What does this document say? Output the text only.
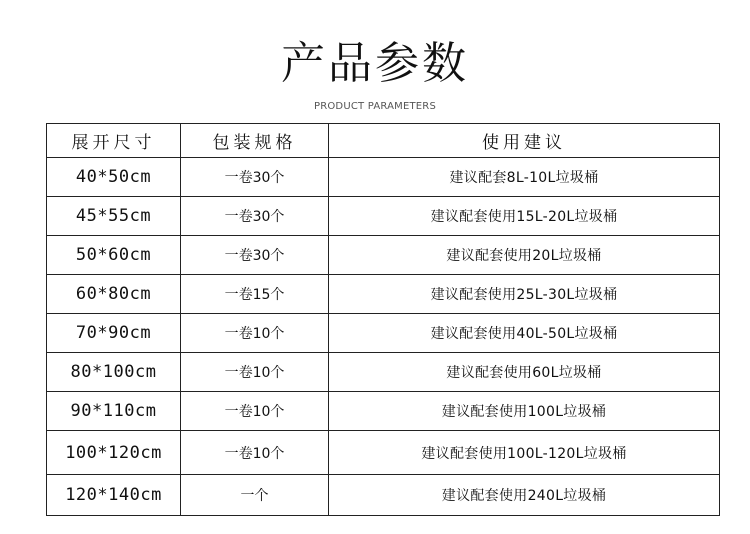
产品参数
PRODUCT PARAMETERS
展开尺寸	包装规格	使用建议
40*50cm	一卷30个	建议配套8L-10L垃圾桶
45*55cm	一卷30个	建议配套使用15L-20L垃圾桶
50*60cm	一卷30个	建议配套使用20L垃圾桶
60*80cm	一卷15个	建议配套使用25L-30L垃圾桶
70*90cm	一卷10个	建议配套使用40L-50L垃圾桶
80*100cm	一卷10个	建议配套使用60L垃圾桶
90*110cm	一卷10个	建议配套使用100L垃圾桶
100*120cm	一卷10个	建议配套使用100L-120L垃圾桶
120*140cm	一个	建议配套使用240L垃圾桶
